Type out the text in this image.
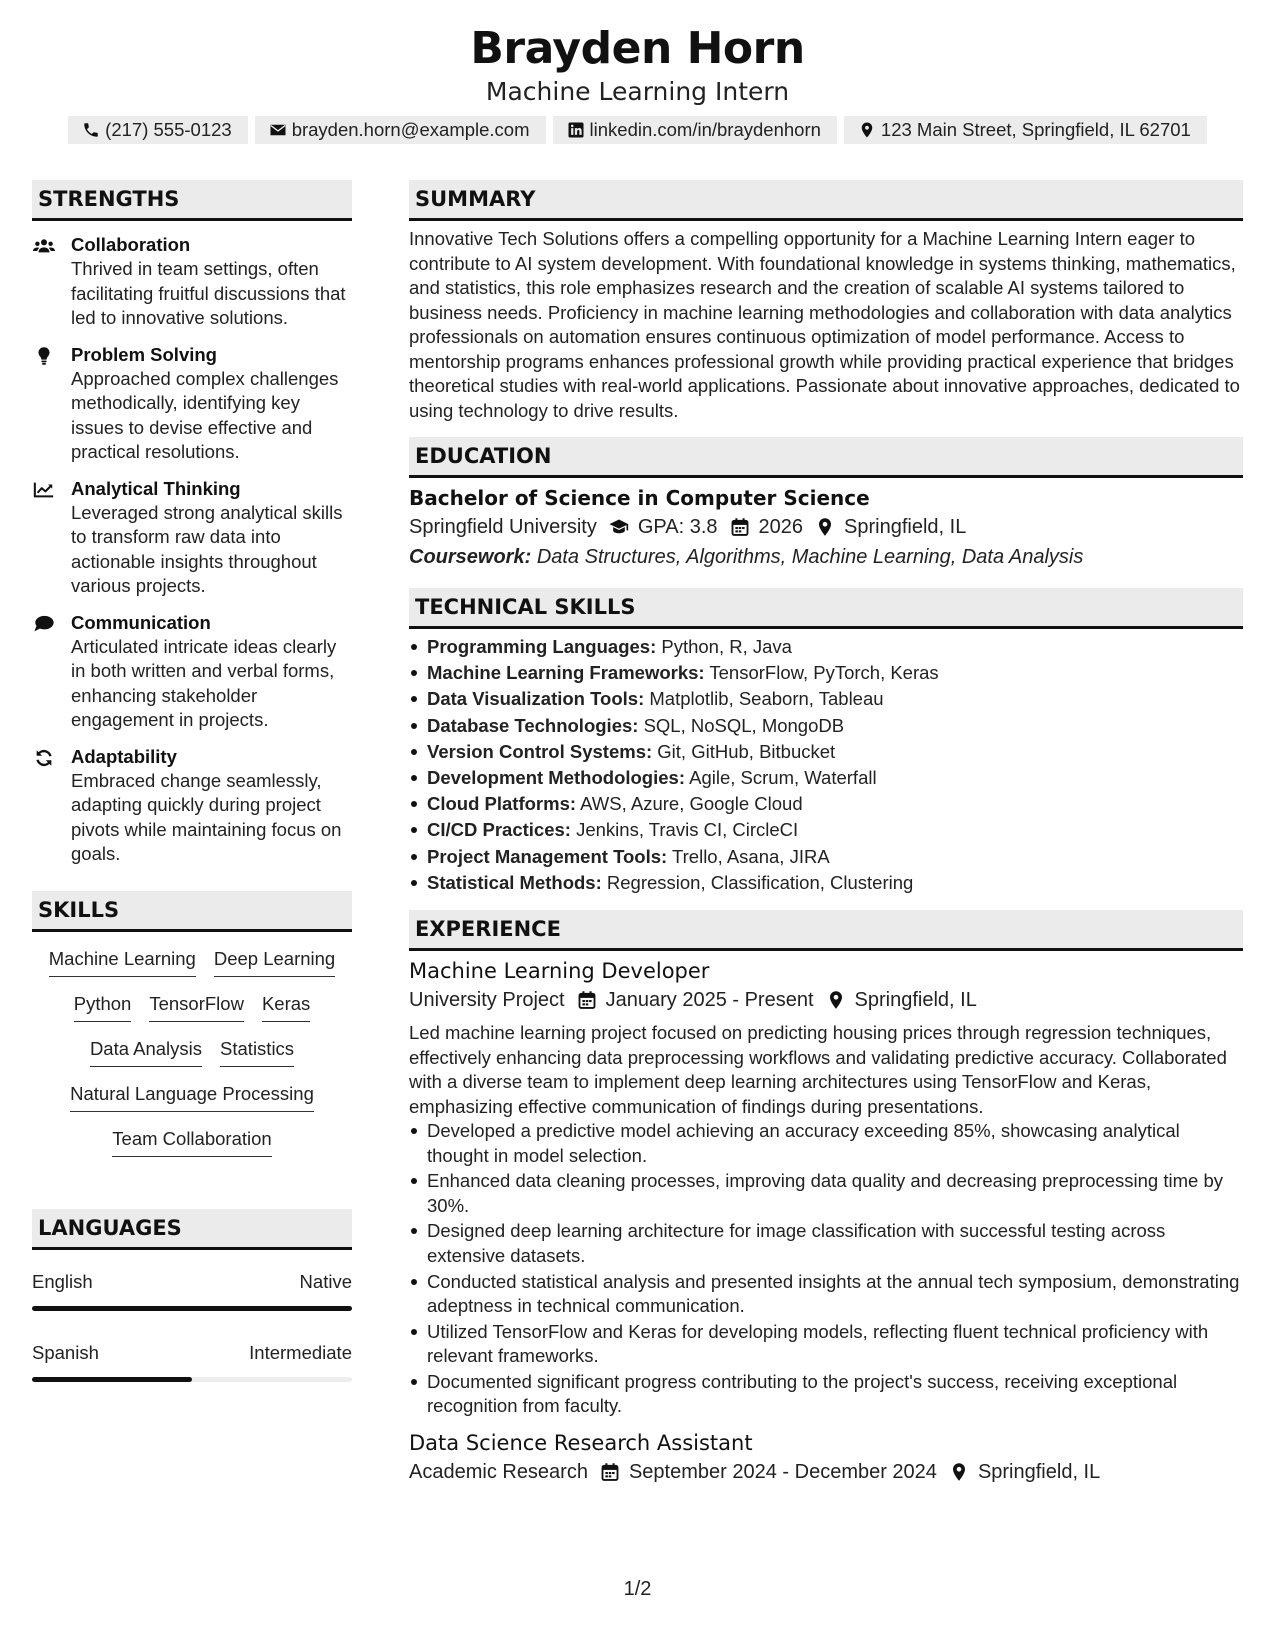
Brayden Horn
Machine Learning Intern
(217) 555-0123	brayden.horn@example.com	linkedin.com/in/braydenhorn	123 Main Street, Springfield, IL 62701
STRENGTHS
Collaboration
Thrived in team settings, often facilitating fruitful discussions that led to innovative solutions.
Problem Solving
Approached complex challenges methodically, identifying key issues to devise effective and practical resolutions.
Analytical Thinking
Leveraged strong analytical skills to transform raw data into actionable insights throughout various projects.
Communication
Articulated intricate ideas clearly in both written and verbal forms, enhancing stakeholder engagement in projects.
Adaptability
Embraced change seamlessly, adapting quickly during project pivots while maintaining focus on goals.
SKILLS
Machine Learning Deep Learning
Python TensorFlow Keras
Data Analysis Statistics
Natural Language Processing
Team Collaboration
LANGUAGES
English	Native
Spanish	Intermediate
SUMMARY
Innovative Tech Solutions offers a compelling opportunity for a Machine Learning Intern eager to contribute to AI system development. With foundational knowledge in systems thinking, mathematics, and statistics, this role emphasizes research and the creation of scalable AI systems tailored to business needs. Proficiency in machine learning methodologies and collaboration with data analytics professionals on automation ensures continuous optimization of model performance. Access to mentorship programs enhances professional growth while providing practical experience that bridges theoretical studies with real-world applications. Passionate about innovative approaches, dedicated to using technology to drive results.
EDUCATION
Bachelor of Science in Computer Science
Springfield University GPA: 3.8 2026 Springfield, IL
Coursework: Data Structures, Algorithms, Machine Learning, Data Analysis
TECHNICAL SKILLS
Programming Languages: Python, R, Java
Machine Learning Frameworks: TensorFlow, PyTorch, Keras
Data Visualization Tools: Matplotlib, Seaborn, Tableau
Database Technologies: SQL, NoSQL, MongoDB
Version Control Systems: Git, GitHub, Bitbucket
Development Methodologies: Agile, Scrum, Waterfall
Cloud Platforms: AWS, Azure, Google Cloud
CI/CD Practices: Jenkins, Travis CI, CircleCI
Project Management Tools: Trello, Asana, JIRA
Statistical Methods: Regression, Classification, Clustering
EXPERIENCE
Machine Learning Developer
University Project January 2025 - Present Springfield, IL
Led machine learning project focused on predicting housing prices through regression techniques, effectively enhancing data preprocessing workflows and validating predictive accuracy. Collaborated with a diverse team to implement deep learning architectures using TensorFlow and Keras, emphasizing effective communication of findings during presentations.
Developed a predictive model achieving an accuracy exceeding 85%, showcasing analytical thought in model selection.
Enhanced data cleaning processes, improving data quality and decreasing preprocessing time by 30%.
Designed deep learning architecture for image classification with successful testing across extensive datasets.
Conducted statistical analysis and presented insights at the annual tech symposium, demonstrating adeptness in technical communication.
Utilized TensorFlow and Keras for developing models, reflecting fluent technical proficiency with relevant frameworks.
Documented significant progress contributing to the project's success, receiving exceptional recognition from faculty.
Data Science Research Assistant
Academic Research September 2024 - December 2024 Springfield, IL
1/2
